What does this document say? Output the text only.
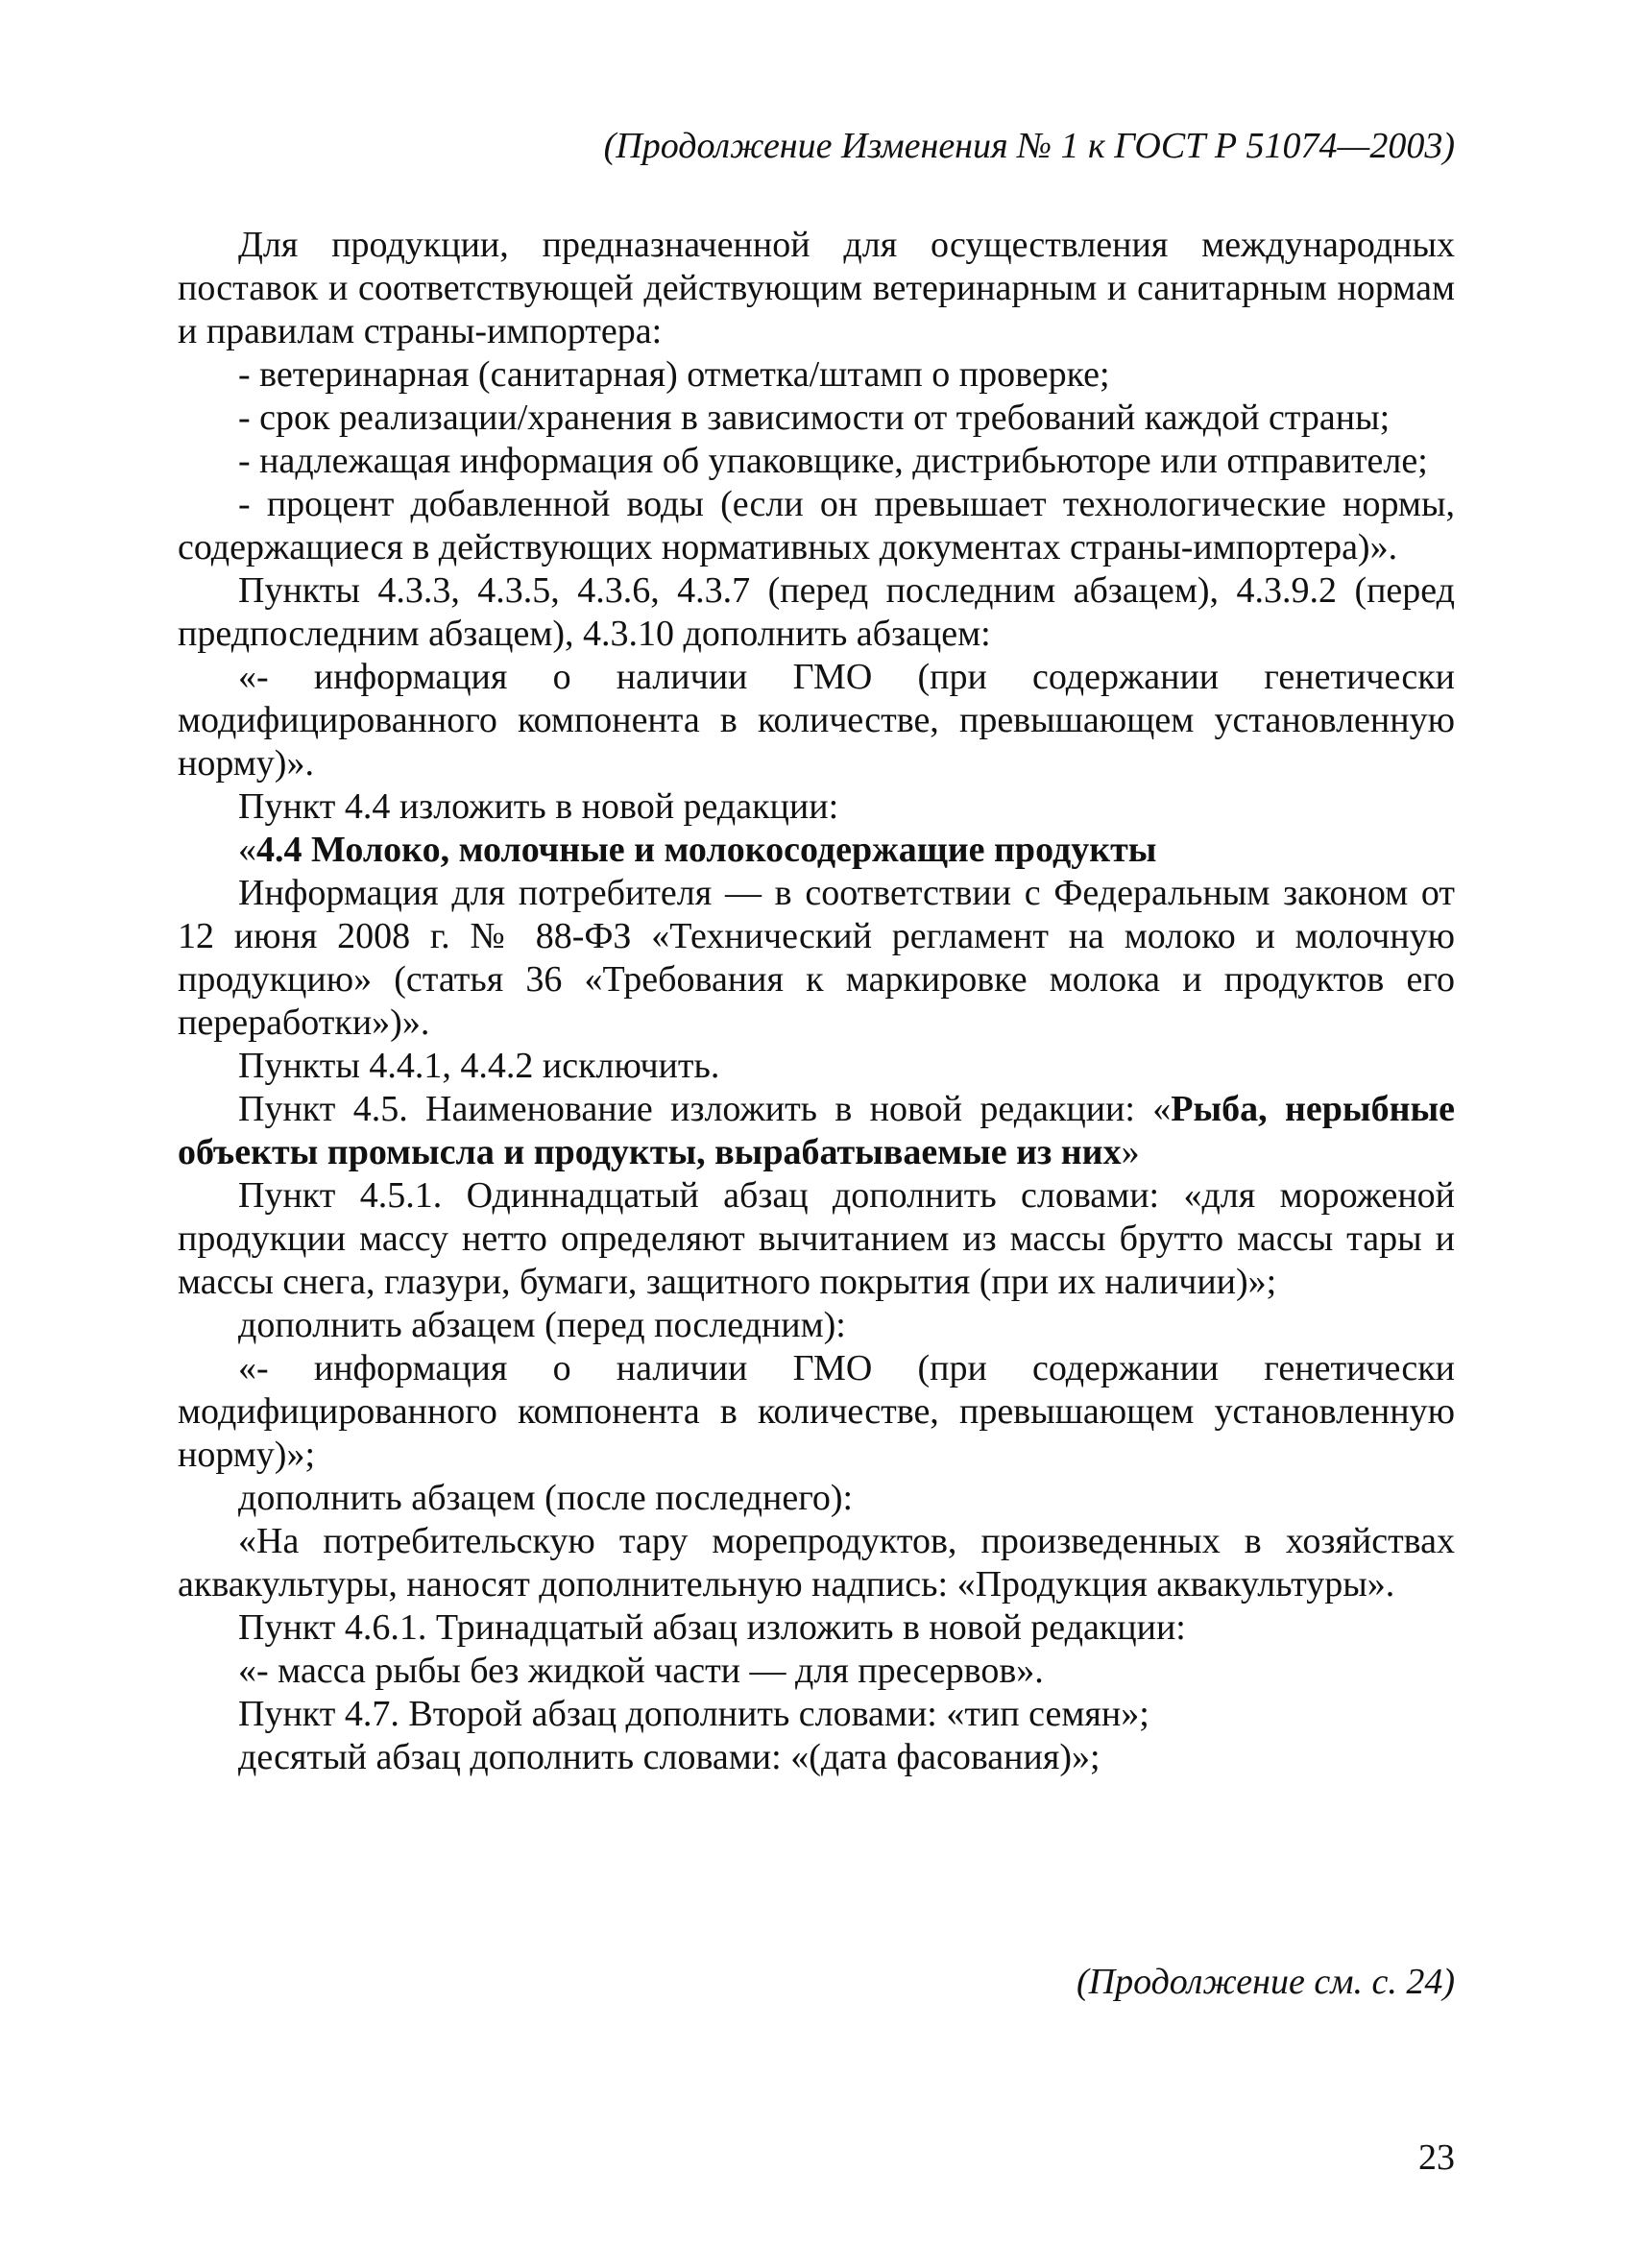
(Продолжение Изменения № 1 к ГОСТ Р 51074—2003)

Для продукции, предназначенной для осуществления международных поставок и соответствующей действующим ветеринарным и санитарным нормам и правилам страны-импортера:

- ветеринарная (санитарная) отметка/штамп о проверке;

- срок реализации/хранения в зависимости от требований каждой страны;

- надлежащая информация об упаковщике, дистрибьюторе или отправителе;

- процент добавленной воды (если он превышает технологические нормы, содержащиеся в действующих нормативных документах страны-импортера)».

Пункты 4.3.3, 4.3.5, 4.3.6, 4.3.7 (перед последним абзацем), 4.3.9.2 (перед предпоследним абзацем), 4.3.10 дополнить абзацем:

«- информация о наличии ГМО (при содержании генетически модифицированного компонента в количестве, превышающем установленную норму)».

Пункт 4.4 изложить в новой редакции:

«4.4 Молоко, молочные и молокосодержащие продукты

Информация для потребителя — в соответствии с Федеральным законом от 12 июня 2008 г. № 88-ФЗ «Технический регламент на молоко и молочную продукцию» (статья 36 «Требования к маркировке молока и продуктов его переработки»)».

Пункты 4.4.1, 4.4.2 исключить.

Пункт 4.5. Наименование изложить в новой редакции: «Рыба, нерыбные объекты промысла и продукты, вырабатываемые из них»

Пункт 4.5.1. Одиннадцатый абзац дополнить словами: «для мороженой продукции массу нетто определяют вычитанием из массы брутто массы тары и массы снега, глазури, бумаги, защитного покрытия (при их наличии)»;

дополнить абзацем (перед последним):

«- информация о наличии ГМО (при содержании генетически модифицированного компонента в количестве, превышающем установленную норму)»;

дополнить абзацем (после последнего):

«На потребительскую тару морепродуктов, произведенных в хозяйствах аквакультуры, наносят дополнительную надпись: «Продукция аквакультуры».

Пункт 4.6.1. Тринадцатый абзац изложить в новой редакции:

«- масса рыбы без жидкой части — для пресервов».

Пункт 4.7. Второй абзац дополнить словами: «тип семян»;

десятый абзац дополнить словами: «(дата фасования)»;

(Продолжение см. с. 24)
23
